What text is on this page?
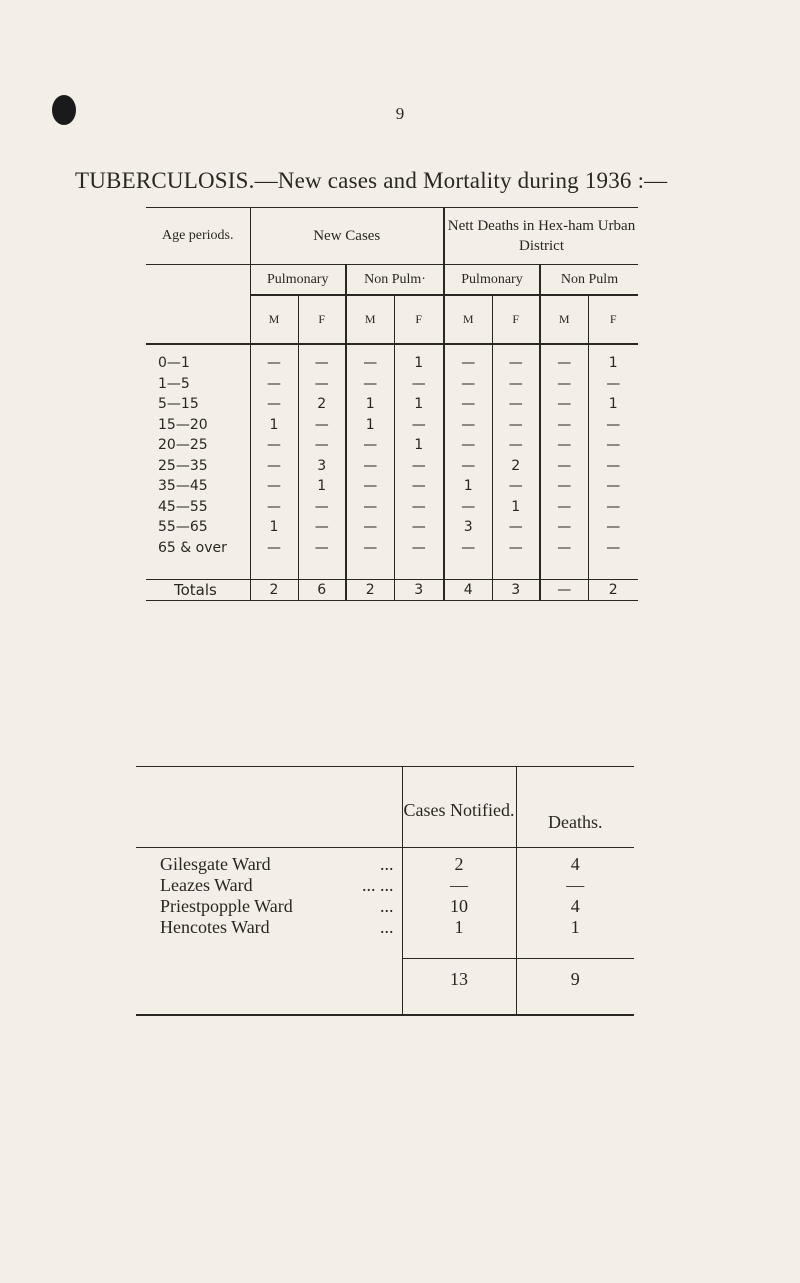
9
TUBERCULOSIS.—New cases and Mortality during 1936 :—
Age periods.	New Cases				Nett Deaths in Hex-ham Urban District			
	Pulmonary		Non Pulm·		Pulmonary		Non Pulm	
	M	F	M	F	M	F	M	F
0—1	—	—	—	1	—	—	—	1
1—5	—	—	—	—	—	—	—	—
5—15	—	2	1	1	—	—	—	1
15—20	1	—	1	—	—	—	—	—
20—25	—	—	—	1	—	—	—	—
25—35	—	3	—	—	—	2	—	—
35—45	—	1	—	—	1	—	—	—
45—55	—	—	—	—	—	1	—	—
55—65	1	—	—	—	3	—	—	—
65 & over	—	—	—	—	—	—	—	—

Totals	2	6	2	3	4	3	—	2
		Cases Notified.	Deaths.
Gilesgate Ward	...	2	4
Leazes Ward	... ...	—	—
Priestpopple Ward	...	10	4
Hencotes Ward	...	1	1

		13	9
